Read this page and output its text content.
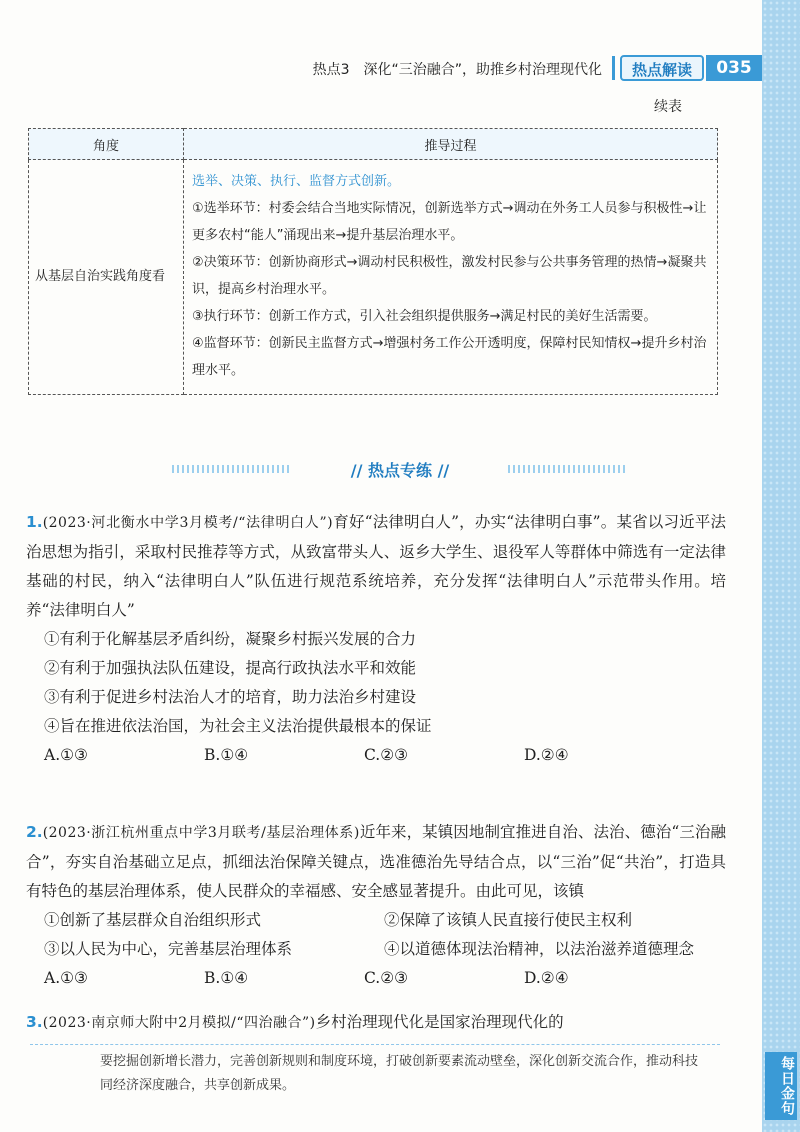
每日金句
热点3　深化“三治融合”，助推乡村治理现代化	热点解读	035
续表
角度	推导过程
从基层自治实践角度看	选举、决策、执行、监督方式创新。
①选举环节：村委会结合当地实际情况，创新选举方式→调动在外务工人员参与积极性→让更多农村“能人”涌现出来→提升基层治理水平。
②决策环节：创新协商形式→调动村民积极性，激发村民参与公共事务管理的热情→凝聚共识，提高乡村治理水平。
③执行环节：创新工作方式，引入社会组织提供服务→满足村民的美好生活需要。
④监督环节：创新民主监督方式→增强村务工作公开透明度，保障村民知情权→提升乡村治理水平。
// 热点专练 //
1.(2023·河北衡水中学3月模考/“法律明白人”)育好“法律明白人”，办实“法律明白事”。某省以习近平法治思想为指引，采取村民推荐等方式，从致富带头人、返乡大学生、退役军人等群体中筛选有一定法律基础的村民，纳入“法律明白人”队伍进行规范系统培养，充分发挥“法律明白人”示范带头作用。培养“法律明白人”
①有利于化解基层矛盾纠纷，凝聚乡村振兴发展的合力
②有利于加强执法队伍建设，提高行政执法水平和效能
③有利于促进乡村法治人才的培育，助力法治乡村建设
④旨在推进依法治国，为社会主义法治提供最根本的保证
A.①③	B.①④	C.②③	D.②④
2.(2023·浙江杭州重点中学3月联考/基层治理体系)近年来，某镇因地制宜推进自治、法治、德治“三治融合”，夯实自治基础立足点，抓细法治保障关键点，选准德治先导结合点，以“三治”促“共治”，打造具有特色的基层治理体系，使人民群众的幸福感、安全感显著提升。由此可见，该镇
①创新了基层群众自治组织形式	②保障了该镇人民直接行使民主权利
③以人民为中心，完善基层治理体系	④以道德体现法治精神，以法治滋养道德理念
A.①③	B.①④	C.②③	D.②④
3.(2023·南京师大附中2月模拟/“四治融合”)乡村治理现代化是国家治理现代化的
要挖掘创新增长潜力，完善创新规则和制度环境，打破创新要素流动壁垒，深化创新交流合作，推动科技同经济深度融合，共享创新成果。
